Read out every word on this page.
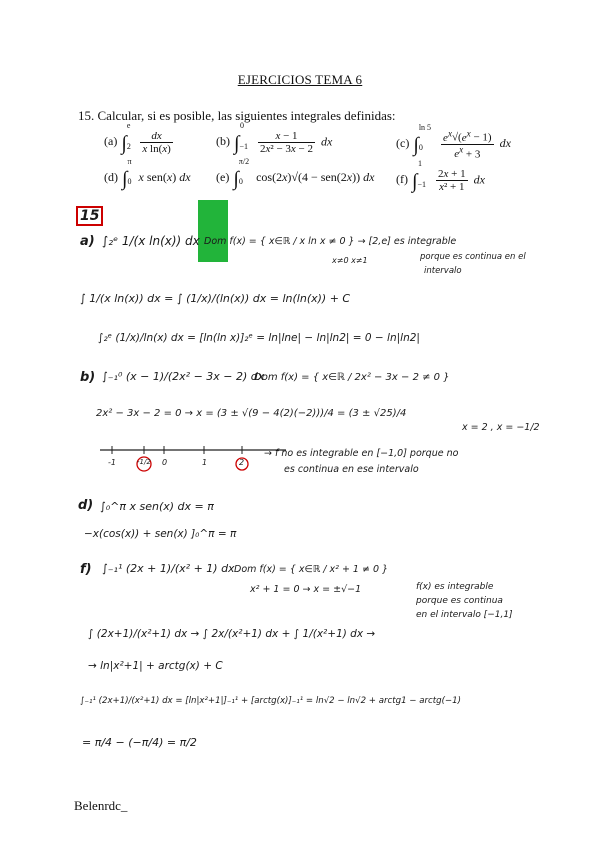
EJERCICIOS TEMA 6
15. Calcular, si es posible, las siguientes integrales definidas:
(a) $\int_2^e$
$\frac{dx}{\text{x ln(x)}}$	(b) $\int_{-1}^0$
$\frac{x - 1}{\text{2x² − 3x − 2}}$ dx	(c) $\int_0^{ln 5}$
$\frac{e^x√(e^x - 1)}{e^x + 3}$ dx
(d) $\int_0^\pi$ x sen(x) dx (e) $\int_0^{\pi/2}$ cos(2x)√(4 − sen(2x)) dx (f) $\int_{-1}^1$
$\frac{2x + 1}{\text{x² + 1}}$ dx
15
a) ∫₂ᵉ 1/(x ln(x)) dx Dom f(x) = { x∈ℝ / x ln x ≠ 0 } → [2,e] es integrable
porque es continua en el
intervalo
x≠0 x≠1
∫ 1/(x ln(x)) dx = ∫ (1/x)/(ln(x)) dx = ln(ln(x)) + C
∫₂ᵉ (1/x)/ln(x) dx = [ln(ln x)]₂ᵉ = ln|lne| − ln|ln2| = 0 − ln|ln2|
b) ∫₋₁⁰ (x − 1)/(2x² − 3x − 2) dx
Dom f(x) = { x∈ℝ / 2x² − 3x − 2 ≠ 0 }
2x² − 3x − 2 = 0 → x = (3 ± √(9 − 4(2)(−2)))/4 = (3 ± √25)/4
x = 2 , x = −1/2
-1	-1/2 0	1	2
→ f no es integrable en [−1,0] porque no
es continua en ese intervalo
d) ∫₀^π x sen(x) dx = π
−x(cos(x)) + sen(x) ]₀^π = π
f) ∫₋₁¹ (2x + 1)/(x² + 1) dx Dom f(x) = { x∈ℝ / x² + 1 ≠ 0 }
x² + 1 = 0 → x = ±√−1	f(x) es integrable
porque es continua
en el intervalo [−1,1]
∫ (2x+1)/(x²+1) dx → ∫ 2x/(x²+1) dx + ∫ 1/(x²+1) dx →
→ ln|x²+1| + arctg(x) + C
∫₋₁¹ (2x+1)/(x²+1) dx = [ln|x²+1|]₋₁¹ + [arctg(x)]₋₁¹ = ln√2 − ln√2 + arctg1 − arctg(−1)
= π/4 − (−π/4) = π/2
Belenrdc_
